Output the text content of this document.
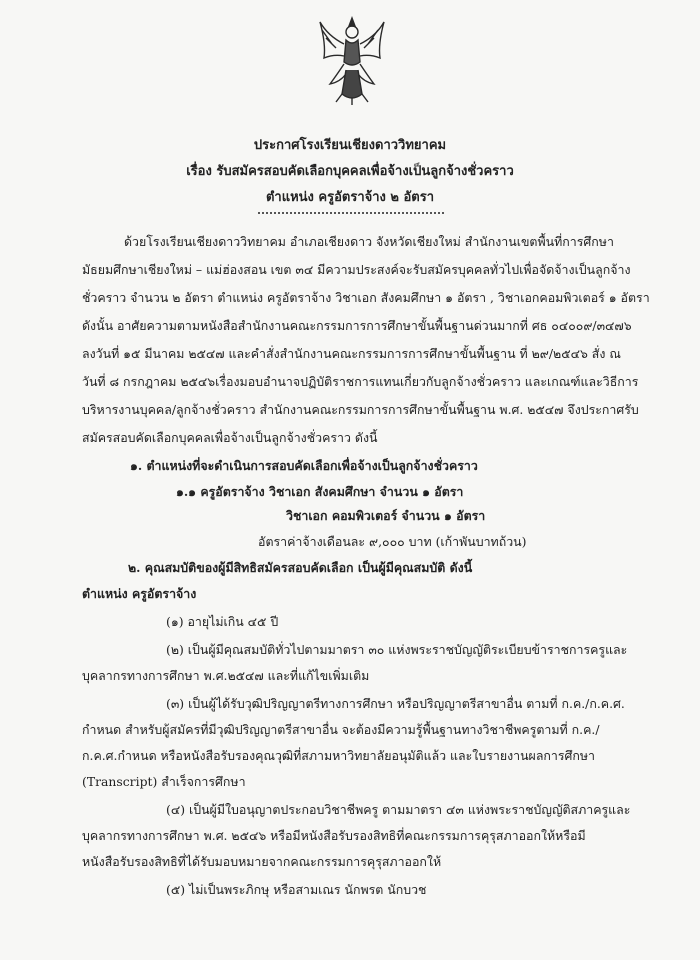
ประกาศโรงเรียนเชียงดาววิทยาคม
เรื่อง รับสมัครสอบคัดเลือกบุคคลเพื่อจ้างเป็นลูกจ้างชั่วคราว
ตำแหน่ง ครูอัตราจ้าง ๒ อัตรา
ด้วยโรงเรียนเชียงดาววิทยาคม อำเภอเชียงดาว จังหวัดเชียงใหม่ สำนักงานเขตพื้นที่การศึกษา
มัธยมศึกษาเชียงใหม่ – แม่ฮ่องสอน เขต ๓๔ มีความประสงค์จะรับสมัครบุคคลทั่วไปเพื่อจัดจ้างเป็นลูกจ้าง
ชั่วคราว จำนวน ๒ อัตรา ตำแหน่ง ครูอัตราจ้าง วิชาเอก สังคมศึกษา ๑ อัตรา , วิชาเอกคอมพิวเตอร์ ๑ อัตรา
ดังนั้น อาศัยความตามหนังสือสำนักงานคณะกรรมการการศึกษาขั้นพื้นฐานด่วนมากที่ ศธ ๐๔๐๐๙/๓๔๗๖
ลงวันที่ ๑๕ มีนาคม ๒๕๔๗ และคำสั่งสำนักงานคณะกรรมการการศึกษาขั้นพื้นฐาน ที่ ๒๙/๒๕๔๖ สั่ง ณ
วันที่ ๘ กรกฎาคม ๒๕๔๖เรื่องมอบอำนาจปฏิบัติราชการแทนเกี่ยวกับลูกจ้างชั่วคราว และเกณฑ์และวิธีการ
บริหารงานบุคคล/ลูกจ้างชั่วคราว สำนักงานคณะกรรมการการศึกษาขั้นพื้นฐาน พ.ศ. ๒๕๔๗ จึงประกาศรับ
สมัครสอบคัดเลือกบุคคลเพื่อจ้างเป็นลูกจ้างชั่วคราว ดังนี้
๑. ตำแหน่งที่จะดำเนินการสอบคัดเลือกเพื่อจ้างเป็นลูกจ้างชั่วคราว
๑.๑ ครูอัตราจ้าง วิชาเอก สังคมศึกษา จำนวน ๑ อัตรา
วิชาเอก คอมพิวเตอร์ จำนวน ๑ อัตรา
อัตราค่าจ้างเดือนละ ๙,๐๐๐ บาท (เก้าพันบาทถ้วน)
๒. คุณสมบัติของผู้มีสิทธิสมัครสอบคัดเลือก เป็นผู้มีคุณสมบัติ ดังนี้
ตำแหน่ง ครูอัตราจ้าง
(๑) อายุไม่เกิน ๔๕ ปี
(๒) เป็นผู้มีคุณสมบัติทั่วไปตามมาตรา ๓๐ แห่งพระราชบัญญัติระเบียบข้าราชการครูและ
บุคลากรทางการศึกษา พ.ศ.๒๕๔๗ และที่แก้ไขเพิ่มเติม
(๓) เป็นผู้ได้รับวุฒิปริญญาตรีทางการศึกษา หรือปริญญาตรีสาขาอื่น ตามที่ ก.ค./ก.ค.ศ.
กำหนด สำหรับผู้สมัครที่มีวุฒิปริญญาตรีสาขาอื่น จะต้องมีความรู้พื้นฐานทางวิชาชีพครูตามที่ ก.ค./
ก.ค.ศ.กำหนด หรือหนังสือรับรองคุณวุฒิที่สภามหาวิทยาลัยอนุมัติแล้ว และใบรายงานผลการศึกษา
(Transcript) สำเร็จการศึกษา
(๔) เป็นผู้มีใบอนุญาตประกอบวิชาชีพครู ตามมาตรา ๔๓ แห่งพระราชบัญญัติสภาครูและ
บุคลากรทางการศึกษา พ.ศ. ๒๕๔๖ หรือมีหนังสือรับรองสิทธิที่คณะกรรมการคุรุสภาออกให้หรือมี
หนังสือรับรองสิทธิที่ได้รับมอบหมายจากคณะกรรมการคุรุสภาออกให้
(๕) ไม่เป็นพระภิกษุ หรือสามเณร นักพรต นักบวช
